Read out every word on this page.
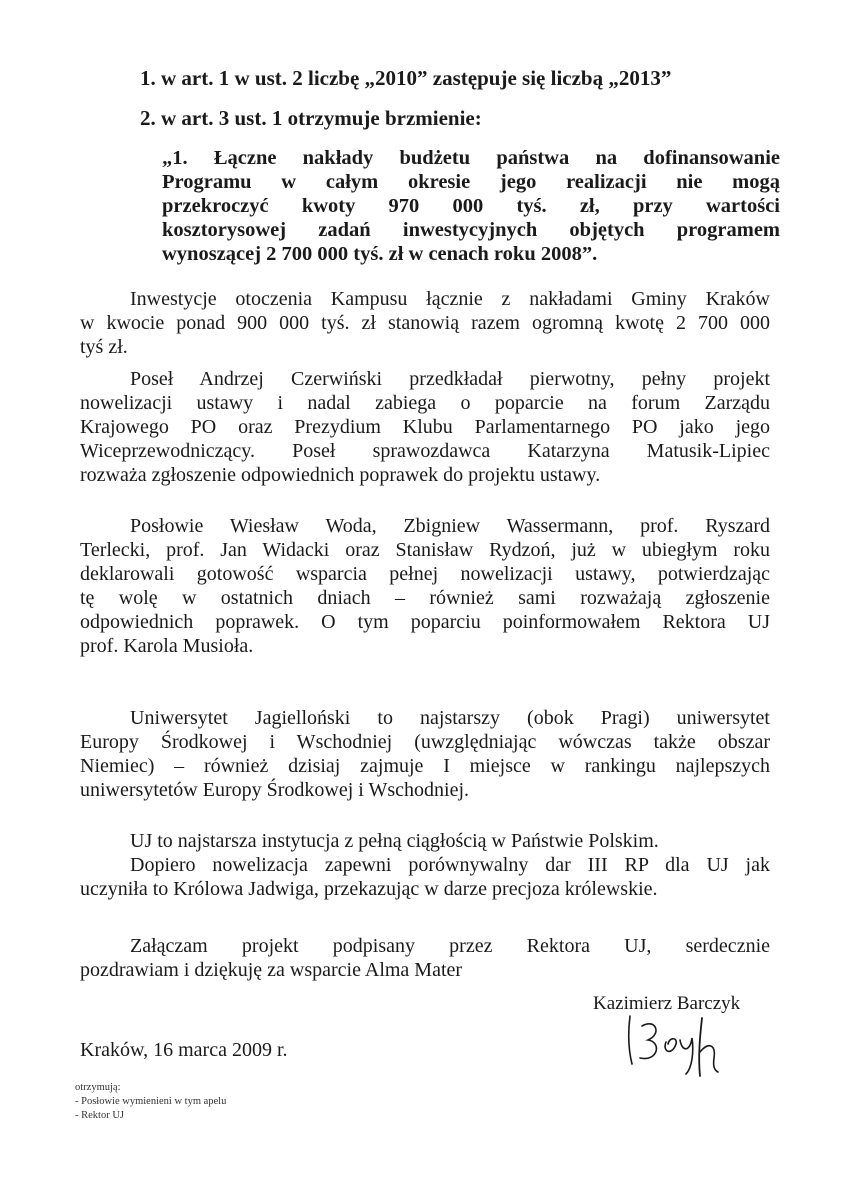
1. w art. 1 w ust. 2 liczbę „2010” zastępuje się liczbą „2013”
2. w art. 3 ust. 1 otrzymuje brzmienie:
„1. Łączne nakłady budżetu państwa na dofinansowanie
Programu w całym okresie jego realizacji nie mogą
przekroczyć kwoty 970 000 tyś. zł, przy wartości
kosztorysowej zadań inwestycyjnych objętych programem
wynoszącej 2 700 000 tyś. zł w cenach roku 2008”.
Inwestycje otoczenia Kampusu łącznie z nakładami Gminy Kraków
w kwocie ponad 900 000 tyś. zł stanowią razem ogromną kwotę 2 700 000
tyś zł.
Poseł Andrzej Czerwiński przedkładał pierwotny, pełny projekt
nowelizacji ustawy i nadal zabiega o poparcie na forum Zarządu
Krajowego PO oraz Prezydium Klubu Parlamentarnego PO jako jego
Wiceprzewodniczący. Poseł sprawozdawca Katarzyna Matusik-Lipiec
rozważa zgłoszenie odpowiednich poprawek do projektu ustawy.
Posłowie Wiesław Woda, Zbigniew Wassermann, prof. Ryszard
Terlecki, prof. Jan Widacki oraz Stanisław Rydzoń, już w ubiegłym roku
deklarowali gotowość wsparcia pełnej nowelizacji ustawy, potwierdzając
tę wolę w ostatnich dniach – również sami rozważają zgłoszenie
odpowiednich poprawek. O tym poparciu poinformowałem Rektora UJ
prof. Karola Musioła.
Uniwersytet Jagielloński to najstarszy (obok Pragi) uniwersytet
Europy Środkowej i Wschodniej (uwzględniając wówczas także obszar
Niemiec) – również dzisiaj zajmuje I miejsce w rankingu najlepszych
uniwersytetów Europy Środkowej i Wschodniej.
UJ to najstarsza instytucja z pełną ciągłością w Państwie Polskim.
Dopiero nowelizacja zapewni porównywalny dar III RP dla UJ jak
uczyniła to Królowa Jadwiga, przekazując w darze precjoza królewskie.
Załączam projekt podpisany przez Rektora UJ, serdecznie
pozdrawiam i dziękuję za wsparcie Alma Mater
Kazimierz Barczyk
Kraków, 16 marca 2009 r.
otrzymują:
- Posłowie wymienieni w tym apelu
- Rektor UJ
